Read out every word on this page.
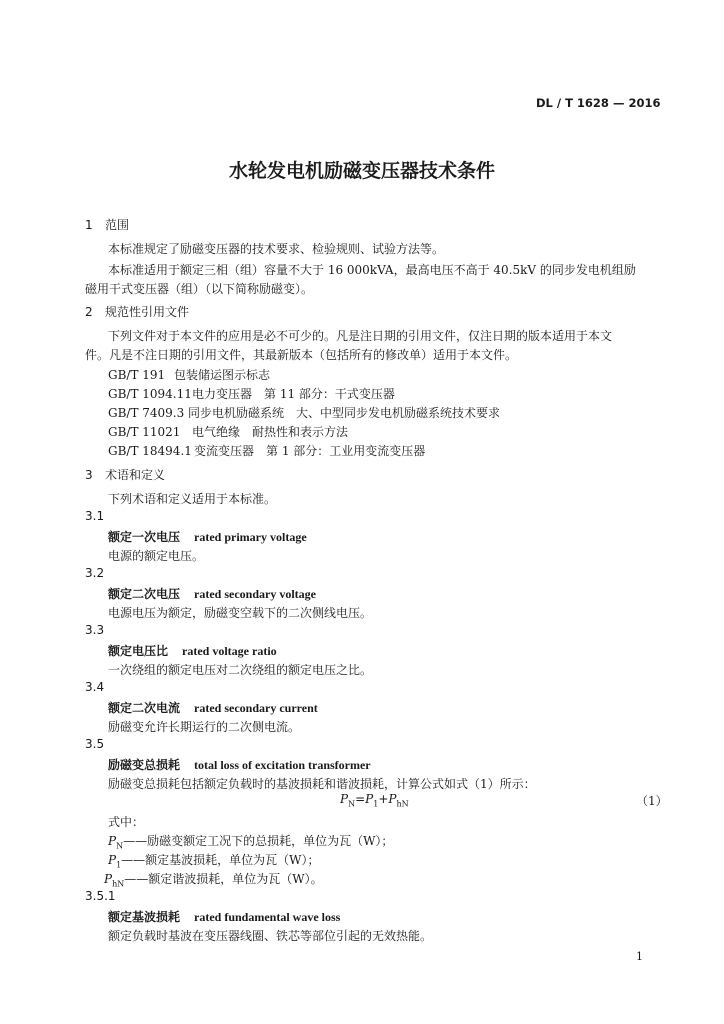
DL / T 1628 — 2016
水轮发电机励磁变压器技术条件
1 范围
本标准规定了励磁变压器的技术要求、检验规则、试验方法等。
本标准适用于额定三相（组）容量不大于 16 000kVA，最高电压不高于 40.5kV 的同步发电机组励
磁用干式变压器（组）（以下简称励磁变）。
2 规范性引用文件
下列文件对于本文件的应用是必不可少的。凡是注日期的引用文件，仅注日期的版本适用于本文
件。凡是不注日期的引用文件，其最新版本（包括所有的修改单）适用于本文件。
GB/T 191 包装储运图示标志
GB/T 1094.11电力变压器　第 11 部分：干式变压器
GB/T 7409.3 同步电机励磁系统　大、中型同步发电机励磁系统技术要求
GB/T 11021 电气绝缘　耐热性和表示方法
GB/T 18494.1 变流变压器　第 1 部分：工业用变流变压器
3 术语和定义
下列术语和定义适用于本标准。
3.1
额定一次电压 rated primary voltage
电源的额定电压。
3.2
额定二次电压 rated secondary voltage
电源电压为额定，励磁变空载下的二次侧线电压。
3.3
额定电压比 rated voltage ratio
一次绕组的额定电压对二次绕组的额定电压之比。
3.4
额定二次电流 rated secondary current
励磁变允许长期运行的二次侧电流。
3.5
励磁变总损耗 total loss of excitation transformer
励磁变总损耗包括额定负载时的基波损耗和谐波损耗，计算公式如式（1）所示：
$P_N=P_1+P_{hN}$	（1）
式中：
$P_N——$励磁变额定工况下的总损耗，单位为瓦（W）；
$P_1——$额定基波损耗，单位为瓦（W）；
$P_{hN}——$额定谐波损耗，单位为瓦（W）。
3.5.1
额定基波损耗 rated fundamental wave loss
额定负载时基波在变压器线圈、铁芯等部位引起的无效热能。
1
